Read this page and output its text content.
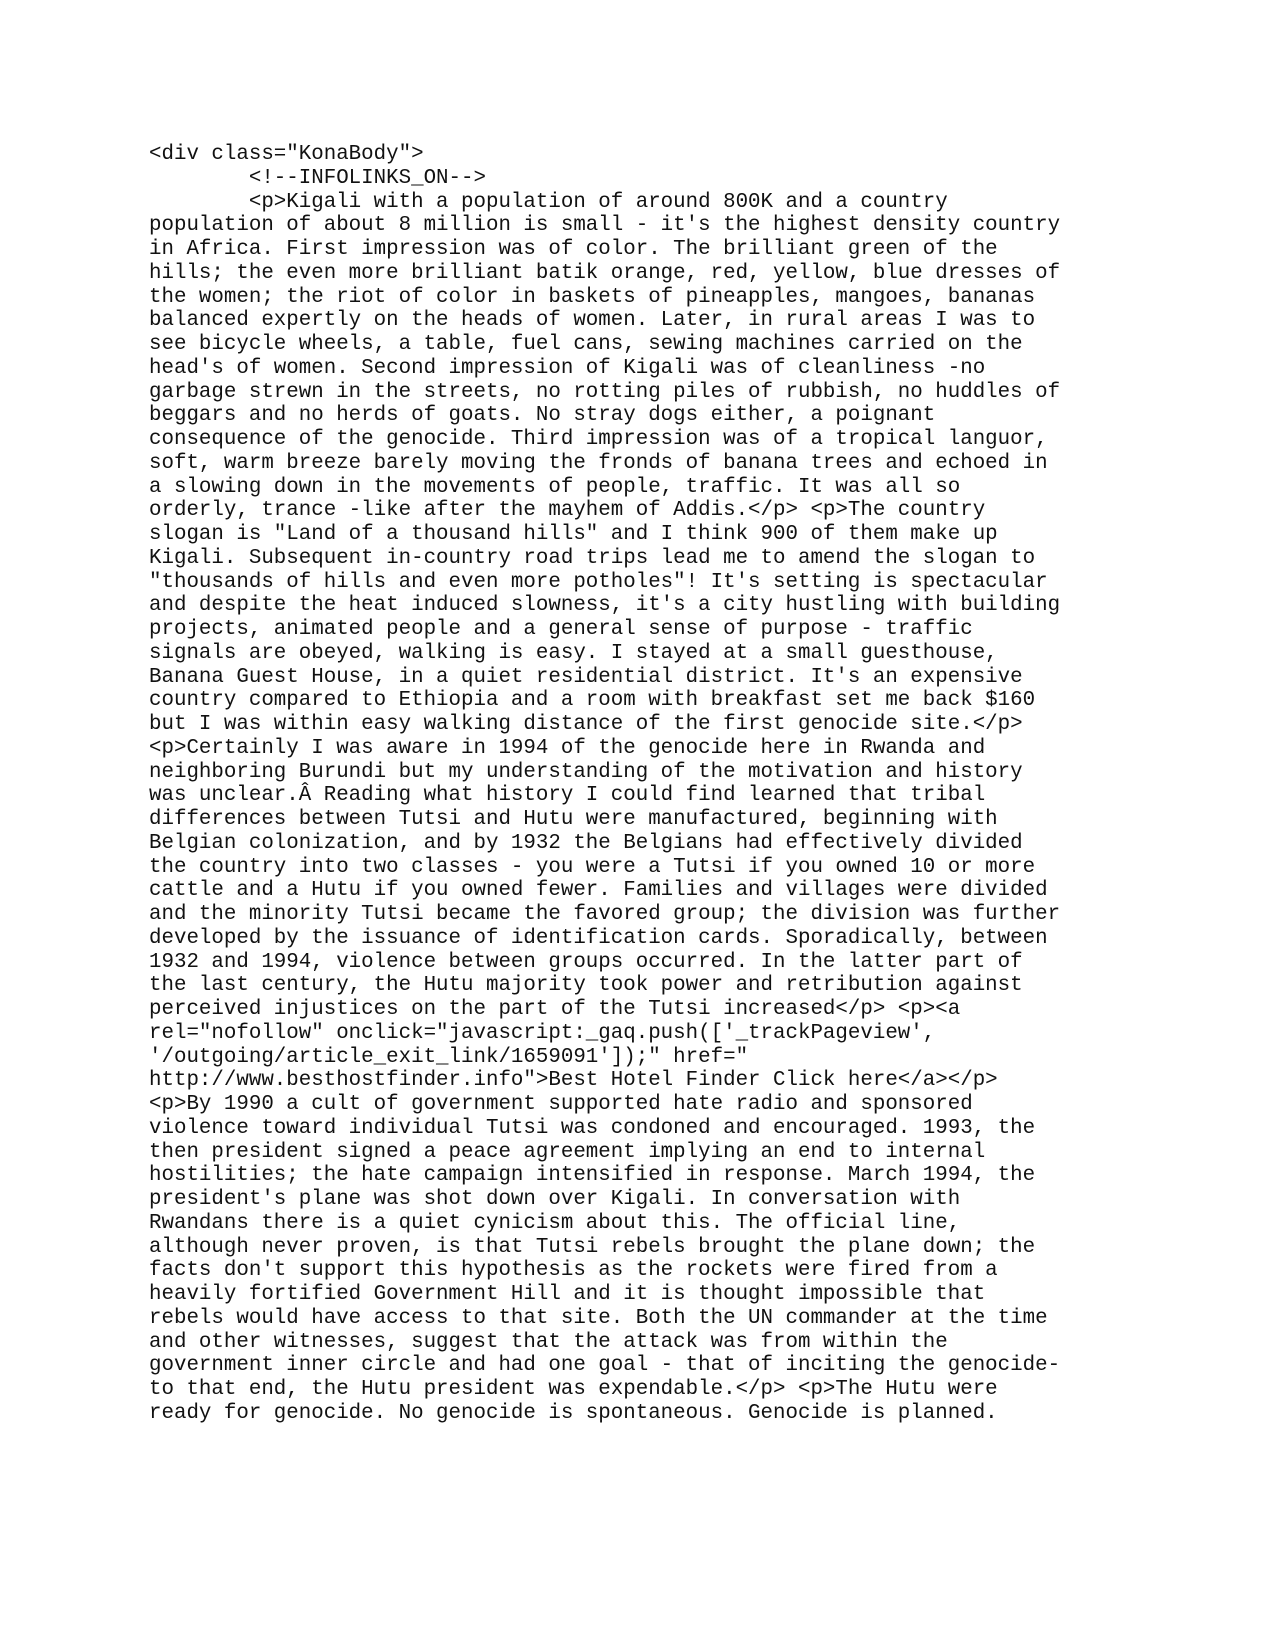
<div class="KonaBody">
<!--INFOLINKS_ON-->
<p>Kigali with a population of around 800K and a country
population of about 8 million is small - it's the highest density country
in Africa. First impression was of color. The brilliant green of the
hills; the even more brilliant batik orange, red, yellow, blue dresses of
the women; the riot of color in baskets of pineapples, mangoes, bananas
balanced expertly on the heads of women. Later, in rural areas I was to
see bicycle wheels, a table, fuel cans, sewing machines carried on the
head's of women. Second impression of Kigali was of cleanliness -no
garbage strewn in the streets, no rotting piles of rubbish, no huddles of
beggars and no herds of goats. No stray dogs either, a poignant
consequence of the genocide. Third impression was of a tropical languor,
soft, warm breeze barely moving the fronds of banana trees and echoed in
a slowing down in the movements of people, traffic. It was all so
orderly, trance -like after the mayhem of Addis.</p> <p>The country
slogan is "Land of a thousand hills" and I think 900 of them make up
Kigali. Subsequent in-country road trips lead me to amend the slogan to
"thousands of hills and even more potholes"! It's setting is spectacular
and despite the heat induced slowness, it's a city hustling with building
projects, animated people and a general sense of purpose - traffic
signals are obeyed, walking is easy. I stayed at a small guesthouse,
Banana Guest House, in a quiet residential district. It's an expensive
country compared to Ethiopia and a room with breakfast set me back $160
but I was within easy walking distance of the first genocide site.</p>
<p>Certainly I was aware in 1994 of the genocide here in Rwanda and
neighboring Burundi but my understanding of the motivation and history
was unclear.Â Reading what history I could find learned that tribal
differences between Tutsi and Hutu were manufactured, beginning with
Belgian colonization, and by 1932 the Belgians had effectively divided
the country into two classes - you were a Tutsi if you owned 10 or more
cattle and a Hutu if you owned fewer. Families and villages were divided
and the minority Tutsi became the favored group; the division was further
developed by the issuance of identification cards. Sporadically, between
1932 and 1994, violence between groups occurred. In the latter part of
the last century, the Hutu majority took power and retribution against
perceived injustices on the part of the Tutsi increased</p> <p><a
rel="nofollow" onclick="javascript:_gaq.push(['_trackPageview',
'/outgoing/article_exit_link/1659091']);" href="
http://www.besthostfinder.info">Best Hotel Finder Click here</a></p>
<p>By 1990 a cult of government supported hate radio and sponsored
violence toward individual Tutsi was condoned and encouraged. 1993, the
then president signed a peace agreement implying an end to internal
hostilities; the hate campaign intensified in response. March 1994, the
president's plane was shot down over Kigali. In conversation with
Rwandans there is a quiet cynicism about this. The official line,
although never proven, is that Tutsi rebels brought the plane down; the
facts don't support this hypothesis as the rockets were fired from a
heavily fortified Government Hill and it is thought impossible that
rebels would have access to that site. Both the UN commander at the time
and other witnesses, suggest that the attack was from within the
government inner circle and had one goal - that of inciting the genocide-
to that end, the Hutu president was expendable.</p> <p>The Hutu were
ready for genocide. No genocide is spontaneous. Genocide is planned.
